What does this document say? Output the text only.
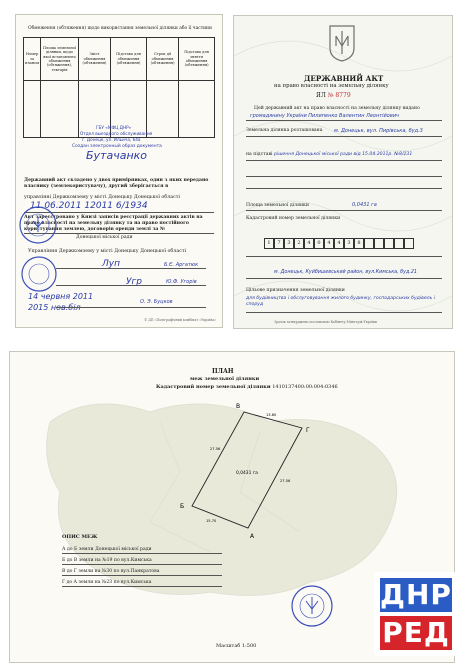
Обмеження (обтяження) щодо використання земельної ділянки або її частини
Номер за планом	Площа земельної ділянки, щодо якої встановлено обмеження (обтяження), гектарів	Зміст обмеження (обтяження)	Підстава для обмеження (обтяження)	Строк дії обмеження (обтяження)	Підстава для зняття обмеження (обтяження)

ГБУ «МФЦ ДНР»
Отдел выездного обслуживания
г. Донецк, ул. Ильича, 64а
Создан электронный образ документа
Бутачанко
Державний акт складено у двох примірниках, один з яких передано власнику (землекористувачу), другий зберігається в
управлінні Держкомзему у місті Донецьку Донецької області
11.06.2011 12011 6/1934
Акт зареєстровано у Книзі записів реєстрації державних актів на право власності на земельну ділянку та на право постійного користування землею, договорів оренди землі за №
Донецької міської ради
Управління Держкомзему у місті Донецьку Донецької області
Луп	Б.Є. Аргатюк
Угр	Ю.Ф. Угорів
14 червня 2011
2015 нов.біл
О. Э. Буцков
© ДП «Поліграфічний комбінат «Україна»
ДЕРЖАВНИЙ АКТ
на право власності на земельну ділянку
ЯЛ № 8779
Цей державний акт на право власності на земельну ділянку видано
громадянину України Пилипенко Валентин Леонтійович
Земельна ділянка розташована м. Донецьк, вул. Пирівська, буд.3
на підставі рішення Донецької міської ради від 15.04.2011р. №8/231
Площа земельної ділянки	0,0431 га
Кадастровий номер земельної ділянки
1	7	3	2	4	0	4	4	3	8
м. Донецьк, Куйбишевський район, вул.Кимська, буд.21
Цільове призначення земельної ділянки
для будівництва і обслуговування жилого будинку, господарських будівель і споруд
Зразок затверджено постановою Кабінету Міністрів України
ПЛАН
меж земельної ділянки
Кадастровий номер земельної ділянки 1410137400:00:004:0346
В
Г
А
Б
13.60
27.56
27.56
15.70
0,0431 га
ОПИС МЕЖ
А до Б земли Донецької міської ради
Б до В земли на №19 по вул.Кимська
В до Г земли на №30 по вул.Панкратова
Г до А земли на №23 по вул.Кимська
Масштаб 1:500
ДНР
РЕД
